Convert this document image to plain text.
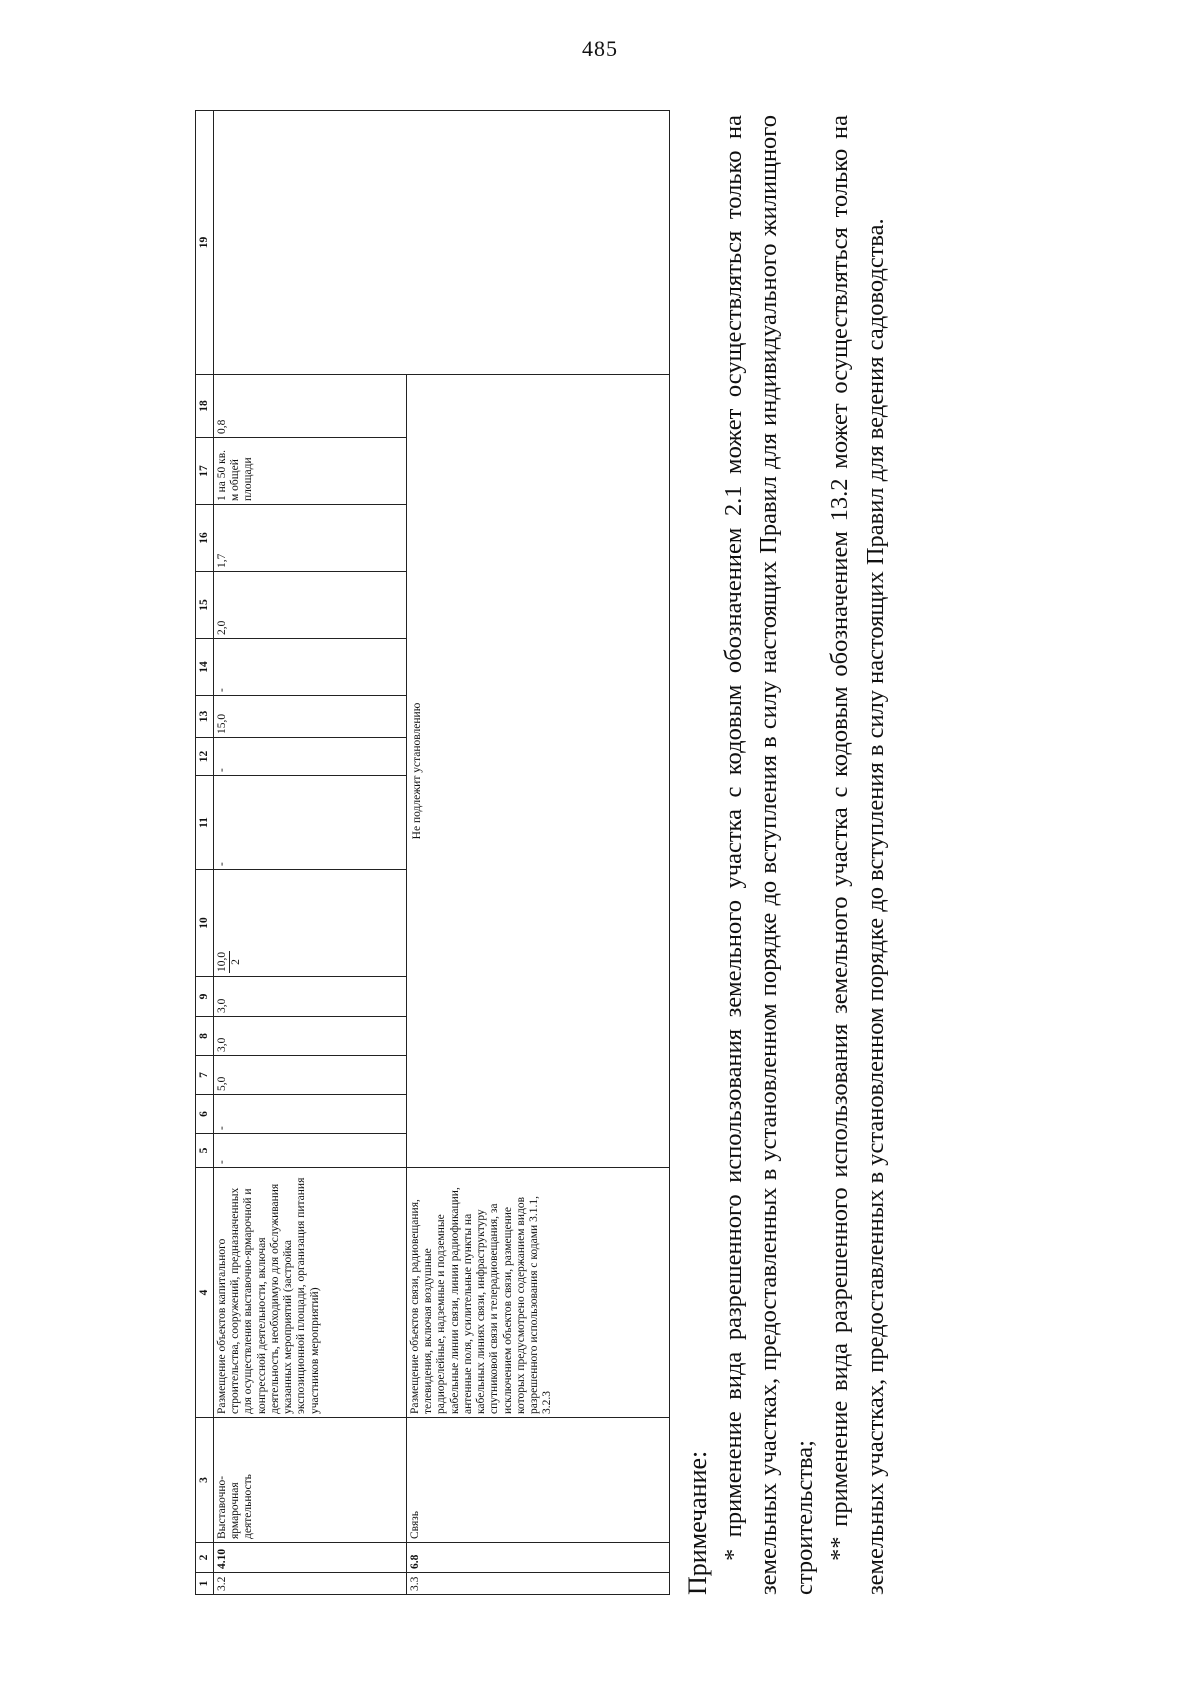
485
1	2	3	4	5	6	7	8	9	10	11	12	13	14	15	16	17	18	19
3.2	4.10	Выставочно-ярмарочная деятельность	Размещение объектов капитального строительства, сооружений, предназначенных для осуществления выставочно-ярмарочной и конгрессной деятельности, включая деятельность, необходимую для обслуживания указанных мероприятий (застройка экспозиционной площади, организация питания участников мероприятий)	-	-	5,0	3,0	3,0	10,0 2	-	-	15,0	-	2,0	1,7	1 на 50 кв. м общей площади	0,8	
3.3	6.8	Связь	Размещение объектов связи, радиовещания, телевидения, включая воздушные радиорелейные, надземные и подземные кабельные линии связи, линии радиофикации, антенные поля, усилительные пункты на кабельных линиях связи, инфраструктуру спутниковой связи и телерадиовещания, за исключением объектов связи, размещение которых предусмотрено содержанием видов разрешенного использования с кодами 3.1.1, 3.2.3	Не подлежит установлению														

Примечание: * применение вида разрешенного использования земельного участка с кодовым обозначением 2.1 может осуществляться только на земельных участках, предоставленных в установленном порядке до вступления в силу настоящих Правил для индивидуального жилищного строительства; ** применение вида разрешенного использования земельного участка с кодовым обозначением 13.2 может осуществляться только на земельных участках, предоставленных в установленном порядке до вступления в силу настоящих Правил для ведения садоводства.
